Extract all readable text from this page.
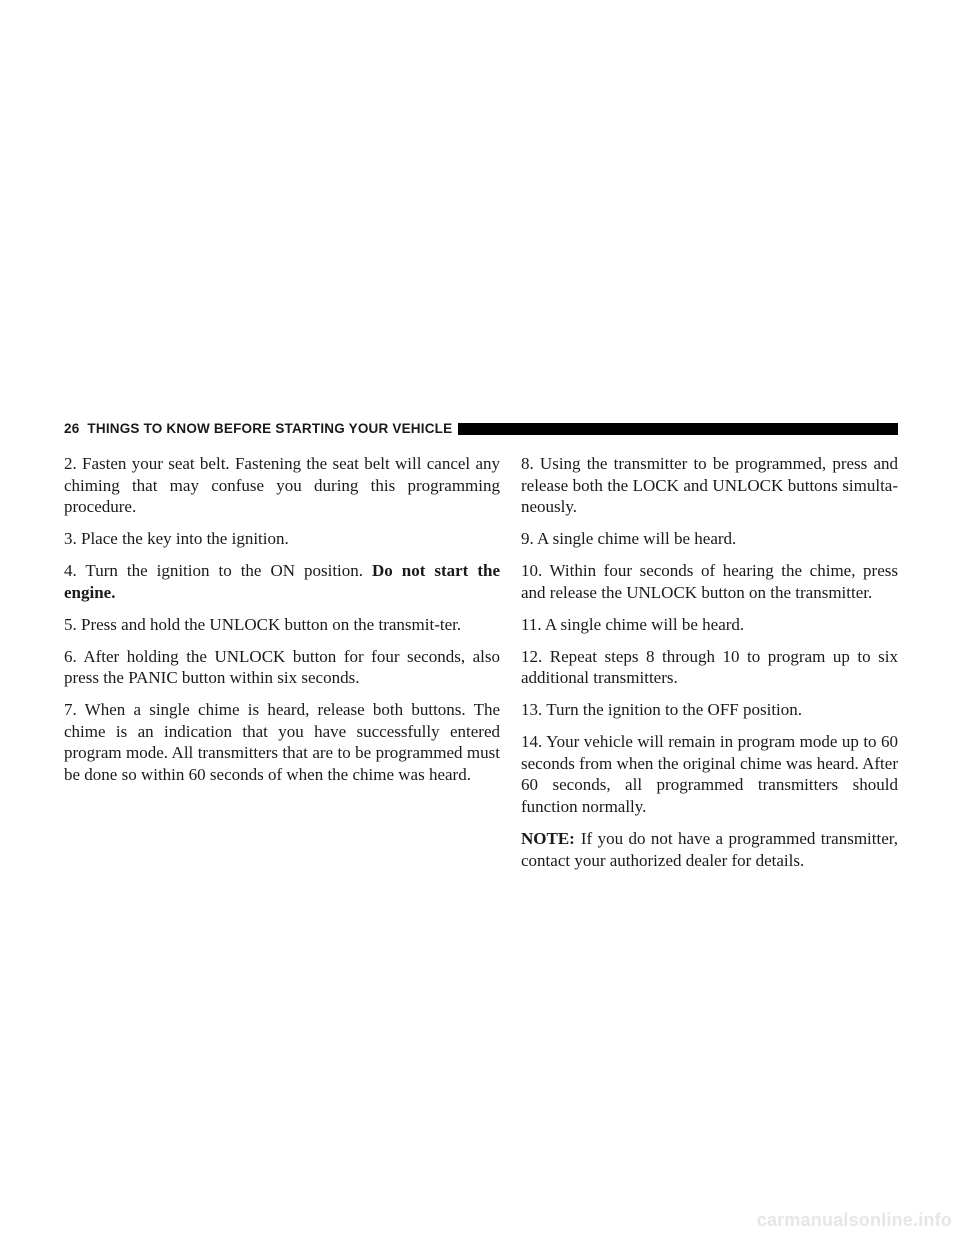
26 THINGS TO KNOW BEFORE STARTING YOUR VEHICLE

2. Fasten your seat belt. Fastening the seat belt will cancel any chiming that may confuse you during this programming procedure.

3. Place the key into the ignition.

4. Turn the ignition to the ON position. Do not start the engine.

5. Press and hold the UNLOCK button on the transmit-ter.

6. After holding the UNLOCK button for four seconds, also press the PANIC button within six seconds.

7. When a single chime is heard, release both buttons. The chime is an indication that you have successfully entered program mode. All transmitters that are to be programmed must be done so within 60 seconds of when the chime was heard.

8. Using the transmitter to be programmed, press and release both the LOCK and UNLOCK buttons simulta-neously.

9. A single chime will be heard.

10. Within four seconds of hearing the chime, press and release the UNLOCK button on the transmitter.

11. A single chime will be heard.

12. Repeat steps 8 through 10 to program up to six additional transmitters.

13. Turn the ignition to the OFF position.

14. Your vehicle will remain in program mode up to 60 seconds from when the original chime was heard. After 60 seconds, all programmed transmitters should function normally.

NOTE: If you do not have a programmed transmitter, contact your authorized dealer for details.

carmanualsonline.info
